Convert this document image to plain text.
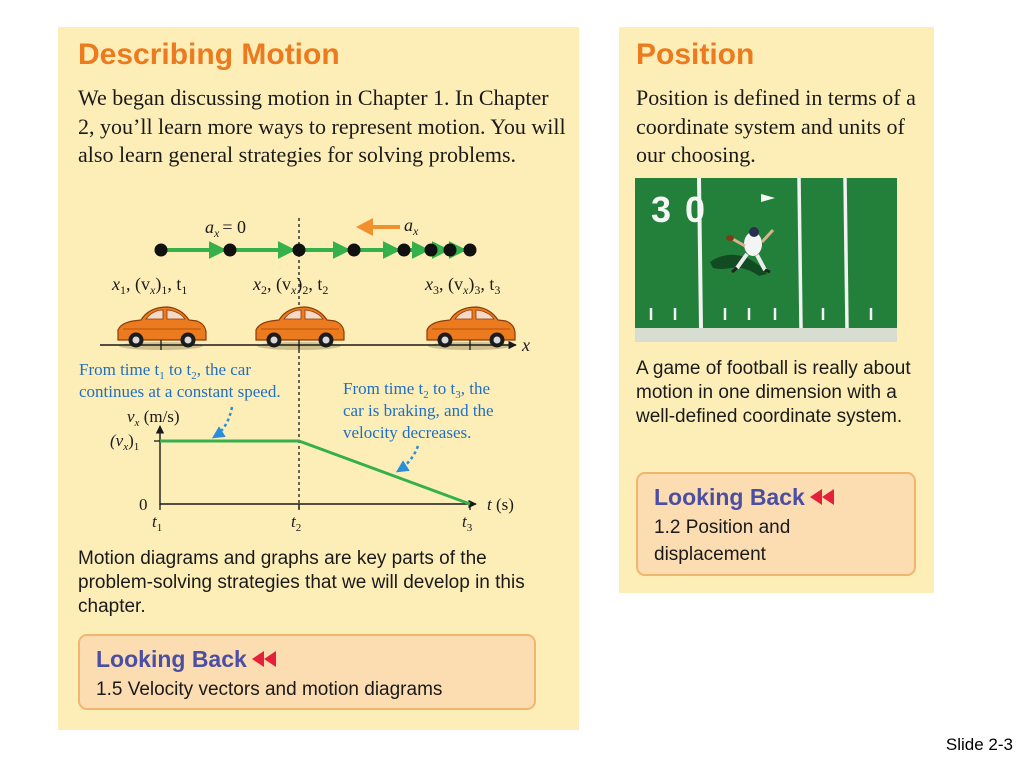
Describing Motion

We began discussing motion in Chapter 1. In Chapter 2, you’ll learn more ways to represent motion. You will also learn general strategies for solving problems.

$a_x = 0$	$a_x$
$x_1$, $(v_x)_1$, $t_1$	$x_2$, $(v_x)_2$, $t_2$	$x_3$, $(v_x)_3$, $t_3$
x
From time $t_1$ to $t_2$, the car
continues at a constant speed.	From time $t_2$ to $t_3$, the
car is braking, and the
velocity decreases.
$v_x$ (m/s)
$(v_x)_1$
0
$t_1$	$t_2$	$t_3$
t (s)

Motion diagrams and graphs are key parts of the problem-solving strategies that we will develop in this chapter.

Looking Back

1.5 Velocity vectors and motion diagrams

Position

Position is defined in terms of a coordinate system and units of our choosing.

30

A game of football is really about motion in one dimension with a well-defined coordinate system.

Looking Back

1.2 Position and displacement

Slide 2-3
